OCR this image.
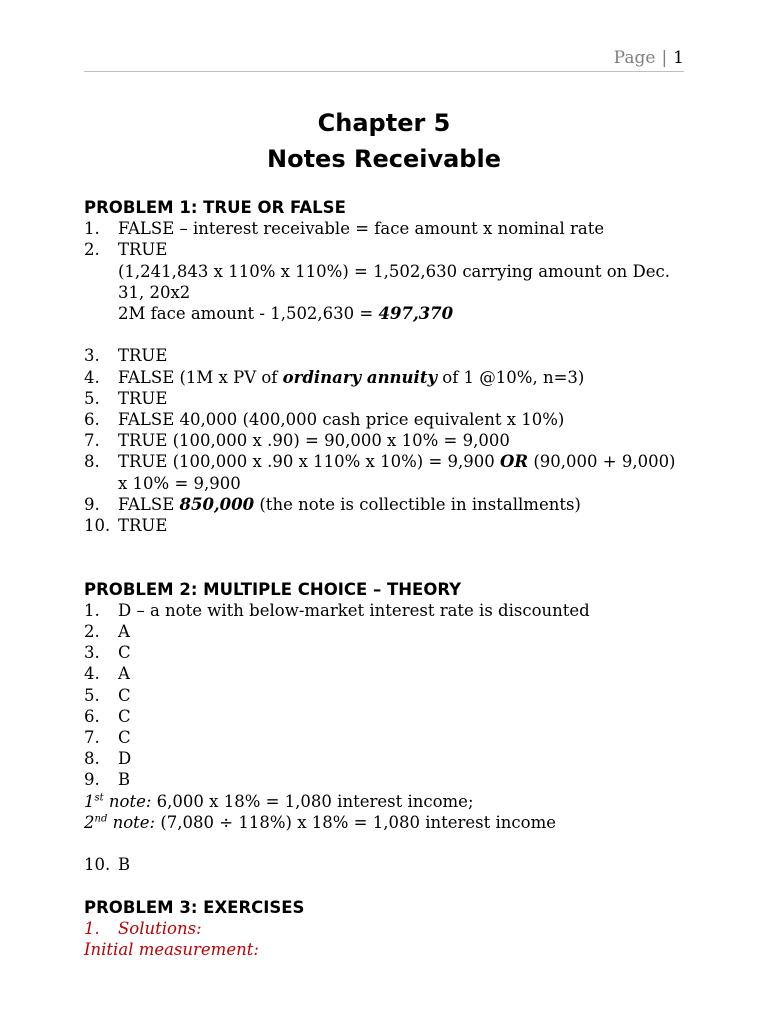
Page | 1
Chapter 5
Notes Receivable
PROBLEM 1: TRUE OR FALSE
1.	FALSE – interest receivable = face amount x nominal rate
2.	TRUE
(1,241,843 x 110% x 110%) = 1,502,630 carrying amount on Dec. 31, 20x2
2M face amount - 1,502,630 = 497,370
3.	TRUE
4.	FALSE (1M x PV of ordinary annuity of 1 @10%, n=3)
5.	TRUE
6.	FALSE 40,000 (400,000 cash price equivalent x 10%)
7.	TRUE (100,000 x .90) = 90,000 x 10% = 9,000
8.	TRUE (100,000 x .90 x 110% x 10%) = 9,900 OR (90,000 + 9,000) x 10% = 9,900
9.	FALSE 850,000 (the note is collectible in installments)
10. TRUE
PROBLEM 2: MULTIPLE CHOICE – THEORY
1.	D – a note with below-market interest rate is discounted
2.	A
3.	C
4.	A
5.	C
6.	C
7.	C
8.	D
9.	B
1st note: 6,000 x 18% = 1,080 interest income;
2nd note: (7,080 ÷ 118%) x 18% = 1,080 interest income
10. B
PROBLEM 3: EXERCISES
1.	Solutions:
Initial measurement:
